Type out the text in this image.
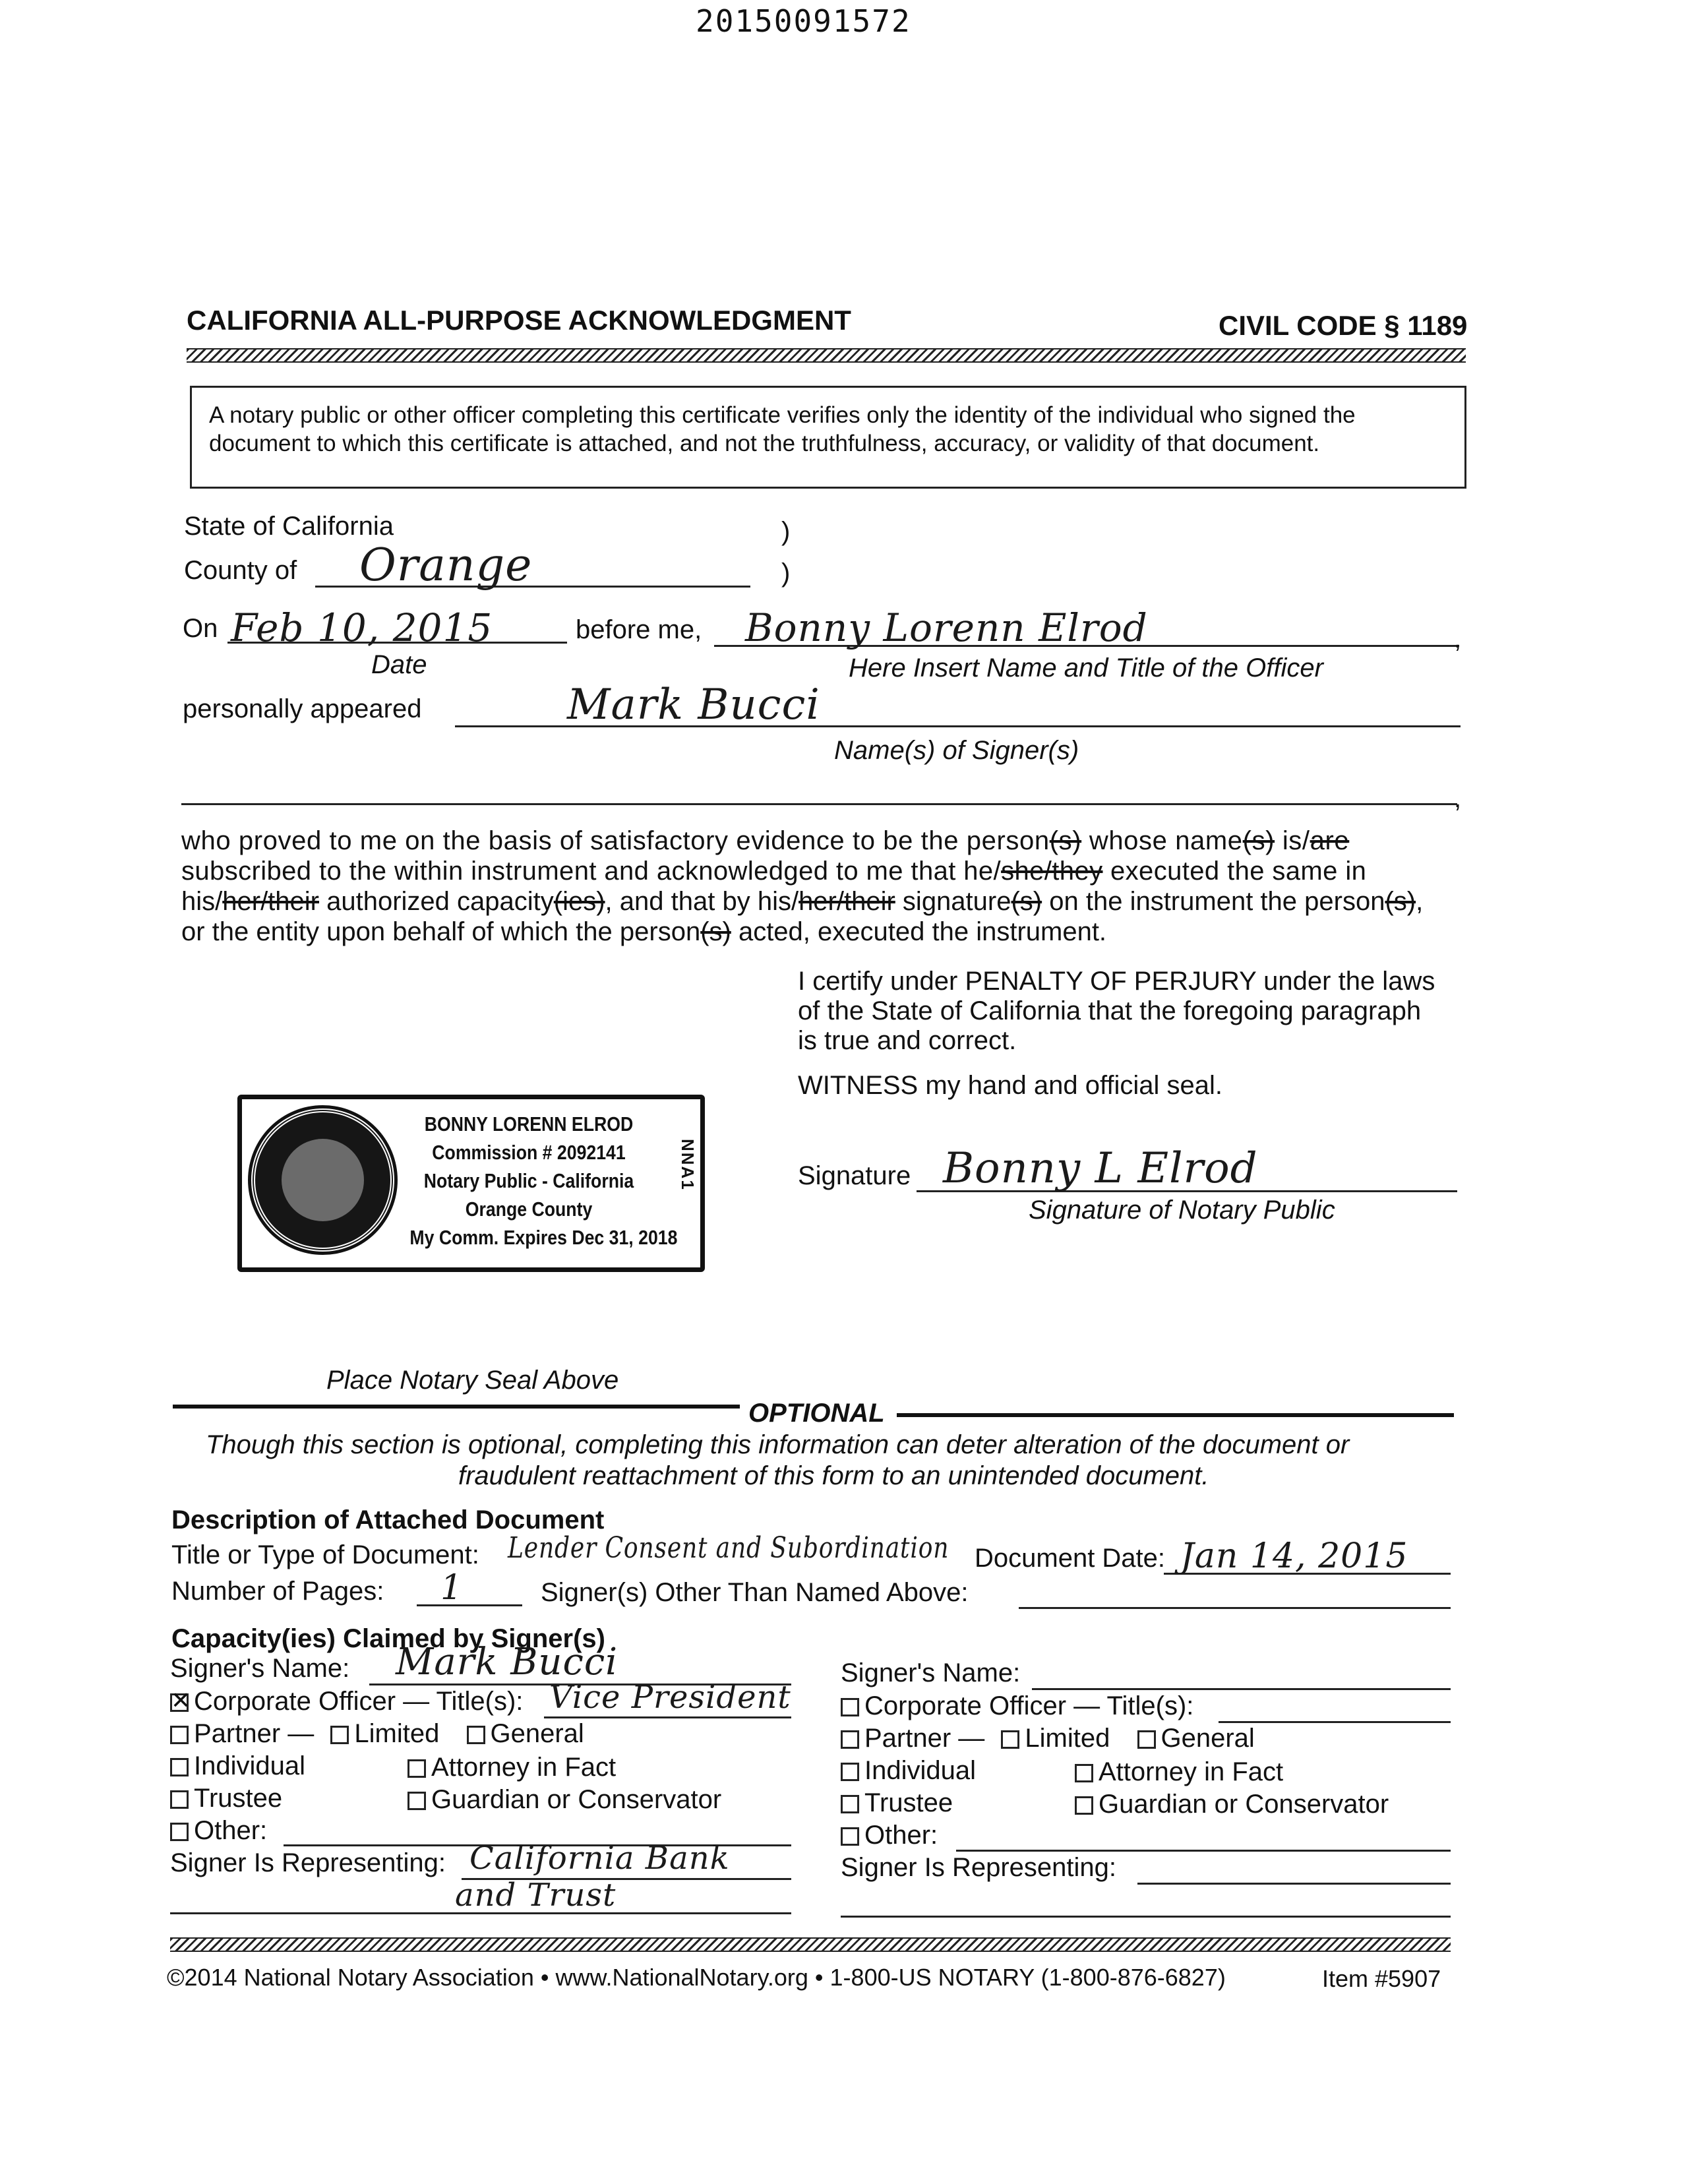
20150091572
CALIFORNIA ALL-PURPOSE ACKNOWLEDGMENT	CIVIL CODE § 1189
A notary public or other officer completing this certificate verifies only the identity of the individual who signed the
document to which this certificate is attached, and not the truthfulness, accuracy, or validity of that document.
State of California	)
County of Orange	)
On Feb 10, 2015
Date
before me, Bonny Lorenn Elrod	,
Here Insert Name and Title of the Officer
personally appeared	Mark Bucci
Name(s) of Signer(s)
,
who proved to me on the basis of satisfactory evidence to be the person(s) whose name(s) is/are
subscribed to the within instrument and acknowledged to me that he/she/they executed the same in
his/her/their authorized capacity(ies), and that by his/her/their signature(s) on the instrument the person(s),
or the entity upon behalf of which the person(s) acted, executed the instrument.
I certify under PENALTY OF PERJURY under the laws
of the State of California that the foregoing paragraph
is true and correct.
WITNESS my hand and official seal.
Signature Bonny L Elrod
Signature of Notary Public
BONNY LORENN ELROD
Commission # 2092141
Notary Public - California
Orange County
My Comm. Expires Dec 31, 2018
NNA1
Place Notary Seal Above
OPTIONAL
Though this section is optional, completing this information can deter alteration of the document or
fraudulent reattachment of this form to an unintended document.
Description of Attached Document
Title or Type of Document: Lender Consent and Subordination Document Date: Jan 14, 2015
Number of Pages: 1	Signer(s) Other Than Named Above:
Capacity(ies) Claimed by Signer(s)
Signer's Name: Mark Bucci
✕Corporate Officer — Title(s): Vice President
Partner — Limited General
Individual	Attorney in Fact
Trustee	Guardian or Conservator
Other:
Signer Is Representing: California Bank
and Trust
Signer's Name:
Corporate Officer — Title(s):
Partner — Limited General
Individual	Attorney in Fact
Trustee	Guardian or Conservator
Other:
Signer Is Representing:
©2014 National Notary Association • www.NationalNotary.org • 1-800-US NOTARY (1-800-876-6827)	Item #5907
